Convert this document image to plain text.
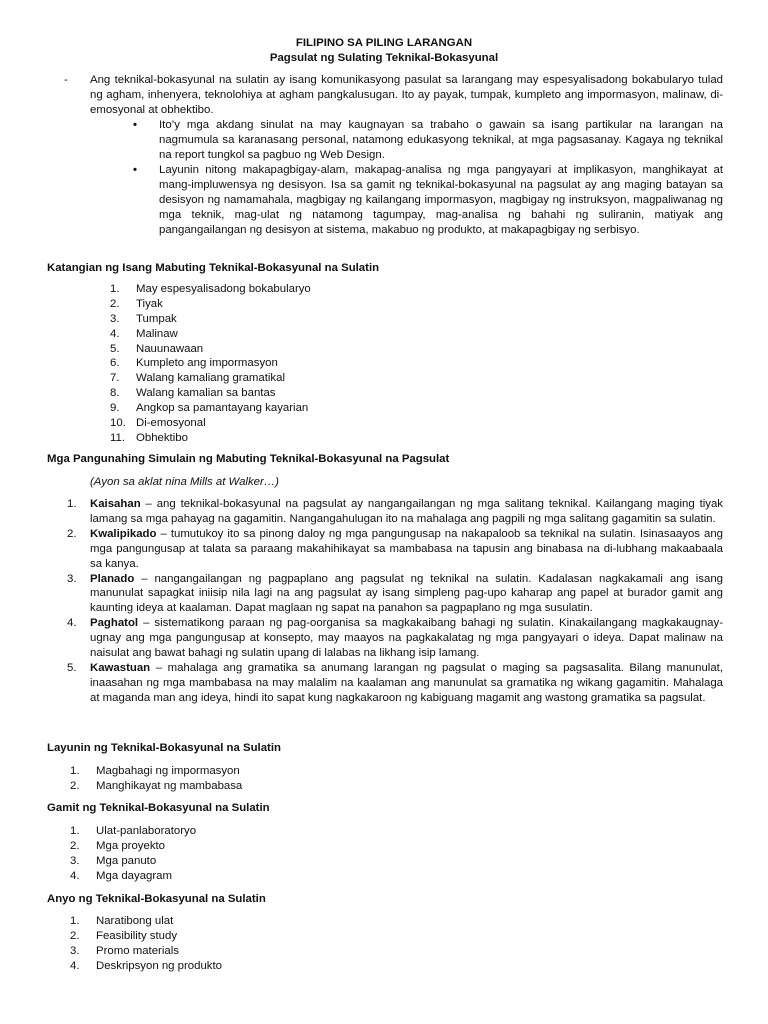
FILIPINO SA PILING LARANGAN
Pagsulat ng Sulating Teknikal-Bokasyunal
- Ang teknikal-bokasyunal na sulatin ay isang komunikasyong pasulat sa larangang may espesyalisadong bokabularyo tulad ng agham, inhenyera, teknolohiya at agham pangkalusugan. Ito ay payak, tumpak, kumpleto ang impormasyon, malinaw, di-emosyonal at obhektibo.
• Ito’y mga akdang sinulat na may kaugnayan sa trabaho o gawain sa isang partikular na larangan na nagmumula sa karanasang personal, natamong edukasyong teknikal, at mga pagsasanay. Kagaya ng teknikal na report tungkol sa pagbuo ng Web Design.
• Layunin nitong makapagbigay-alam, makapag-analisa ng mga pangyayari at implikasyon, manghikayat at mang-impluwensya ng desisyon. Isa sa gamit ng teknikal-bokasyunal na pagsulat ay ang maging batayan sa desisyon ng namamahala, magbigay ng kailangang impormasyon, magbigay ng instruksyon, magpaliwanag ng mga teknik, mag-ulat ng natamong tagumpay, mag-analisa ng bahahi ng suliranin, matiyak ang pangangailangan ng desisyon at sistema, makabuo ng produkto, at makapagbigay ng serbisyo.
Katangian ng Isang Mabuting Teknikal-Bokasyunal na Sulatin
1.	May espesyalisadong bokabularyo
2.	Tiyak
3.	Tumpak
4.	Malinaw
5.	Nauunawaan
6.	Kumpleto ang impormasyon
7.	Walang kamaliang gramatikal
8.	Walang kamalian sa bantas
9.	Angkop sa pamantayang kayarian
10. Di-emosyonal
11. Obhektibo
Mga Pangunahing Simulain ng Mabuting Teknikal-Bokasyunal na Pagsulat
(Ayon sa aklat nina Mills at Walker…)
1. Kaisahan – ang teknikal-bokasyunal na pagsulat ay nangangailangan ng mga salitang teknikal. Kailangang maging tiyak lamang sa mga pahayag na gagamitin. Nangangahulugan ito na mahalaga ang pagpili ng mga salitang gagamitin sa sulatin.
2. Kwalipikado – tumutukoy ito sa pinong daloy ng mga pangungusap na nakapaloob sa teknikal na sulatin. Isinasaayos ang mga pangungusap at talata sa paraang makahihikayat sa mambabasa na tapusin ang binabasa na di-lubhang makaabaala sa kanya.
3. Planado – nangangailangan ng pagpaplano ang pagsulat ng teknikal na sulatin. Kadalasan nagkakamali ang isang manunulat sapagkat iniisip nila lagi na ang pagsulat ay isang simpleng pag-upo kaharap ang papel at burador gamit ang kaunting ideya at kaalaman. Dapat maglaan ng sapat na panahon sa pagpaplano ng mga susulatin.
4. Paghatol – sistematikong paraan ng pag-oorganisa sa magkakaibang bahagi ng sulatin. Kinakailangang magkakaugnay-ugnay ang mga pangungusap at konsepto, may maayos na pagkakalatag ng mga pangyayari o ideya. Dapat malinaw na naisulat ang bawat bahagi ng sulatin upang di lalabas na likhang isip lamang.
5. Kawastuan – mahalaga ang gramatika sa anumang larangan ng pagsulat o maging sa pagsasalita. Bilang manunulat, inaasahan ng mga mambabasa na may malalim na kaalaman ang manunulat sa gramatika ng wikang gagamitin. Mahalaga at maganda man ang ideya, hindi ito sapat kung nagkakaroon ng kabiguang magamit ang wastong gramatika sa pagsulat.
Layunin ng Teknikal-Bokasyunal na Sulatin
1.	Magbahagi ng impormasyon
2.	Manghikayat ng mambabasa
Gamit ng Teknikal-Bokasyunal na Sulatin
1.	Ulat-panlaboratoryo
2.	Mga proyekto
3.	Mga panuto
4.	Mga dayagram
Anyo ng Teknikal-Bokasyunal na Sulatin
1.	Naratibong ulat
2.	Feasibility study
3.	Promo materials
4.	Deskripsyon ng produkto
